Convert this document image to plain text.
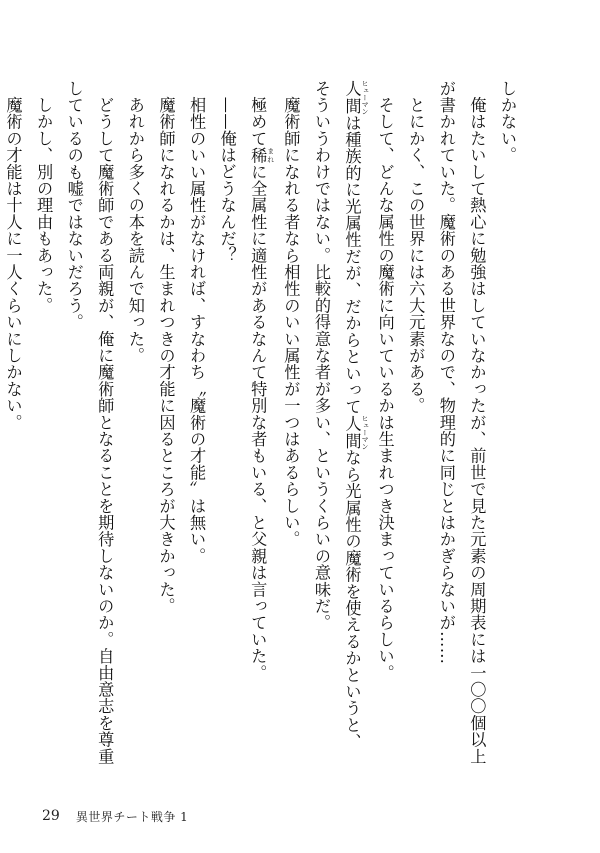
しかない。

　俺はたいして熱心に勉強はしていなかったが、前世で見た元素の周期表には一〇〇個以上が書かれていた。魔術のある世界なので、物理的に同じとはかぎらないが……

　とにかく、この世界には六大元素がある。

　そして、どんな属性の魔術に向いているかは生まれつき決まっているらしい。

人間 ヒューマンは種族的に光属性だが、だからといって人間 ヒューマンなら光属性の魔術を使えるかというと、そういうわけではない。比較的得意な者が多い、というくらいの意味だ。

　魔術師になれる者なら相性のいい属性が一つはあるらしい。

　極めて稀 まれに全属性に適性があるなんて特別な者もいる、と父親は言っていた。

　——俺はどうなんだ？

　相性のいい属性がなければ、すなわち〝魔術の才能〟は無い。

　魔術師になれるかは、生まれつきの才能に因るところが大きかった。

　あれから多くの本を読んで知った。

　どうして魔術師である両親が、俺に魔術師となることを期待しないのか。自由意志を尊重しているのも嘘ではないだろう。

　しかし、別の理由もあった。

　魔術の才能は十人に一人くらいにしかない。

29 異世界チート戦争 1
